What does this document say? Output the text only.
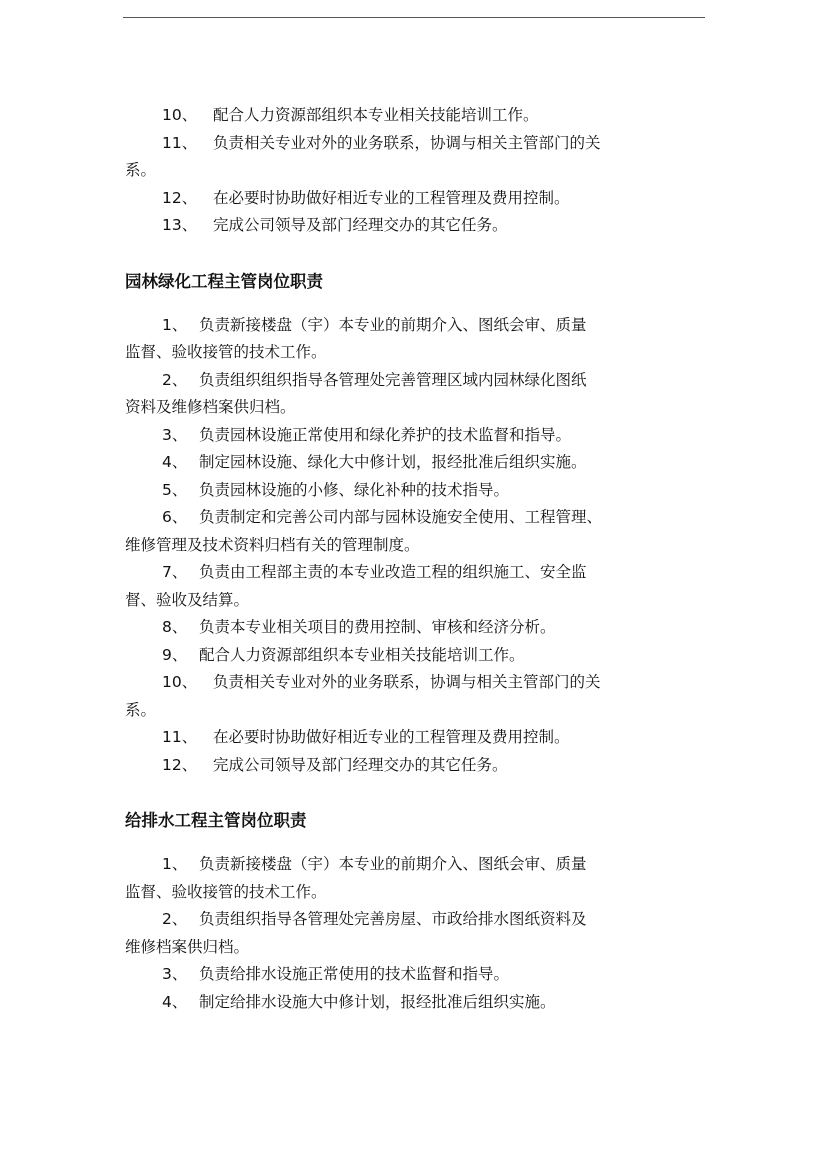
10、 配合人力资源部组织本专业相关技能培训工作。

11、 负责相关专业对外的业务联系，协调与相关主管部门的关

系。

12、 在必要时协助做好相近专业的工程管理及费用控制。

13、 完成公司领导及部门经理交办的其它任务。

园林绿化工程主管岗位职责

1、 负责新接楼盘（宇）本专业的前期介入、图纸会审、质量

监督、验收接管的技术工作。

2、 负责组织组织指导各管理处完善管理区域内园林绿化图纸

资料及维修档案供归档。

3、 负责园林设施正常使用和绿化养护的技术监督和指导。

4、 制定园林设施、绿化大中修计划，报经批准后组织实施。

5、 负责园林设施的小修、绿化补种的技术指导。

6、 负责制定和完善公司内部与园林设施安全使用、工程管理、

维修管理及技术资料归档有关的管理制度。

7、 负责由工程部主责的本专业改造工程的组织施工、安全监

督、验收及结算。

8、 负责本专业相关项目的费用控制、审核和经济分析。

9、 配合人力资源部组织本专业相关技能培训工作。

10、 负责相关专业对外的业务联系，协调与相关主管部门的关

系。

11、 在必要时协助做好相近专业的工程管理及费用控制。

12、 完成公司领导及部门经理交办的其它任务。

给排水工程主管岗位职责

1、 负责新接楼盘（宇）本专业的前期介入、图纸会审、质量

监督、验收接管的技术工作。

2、 负责组织指导各管理处完善房屋、市政给排水图纸资料及

维修档案供归档。

3、 负责给排水设施正常使用的技术监督和指导。

4、 制定给排水设施大中修计划，报经批准后组织实施。
